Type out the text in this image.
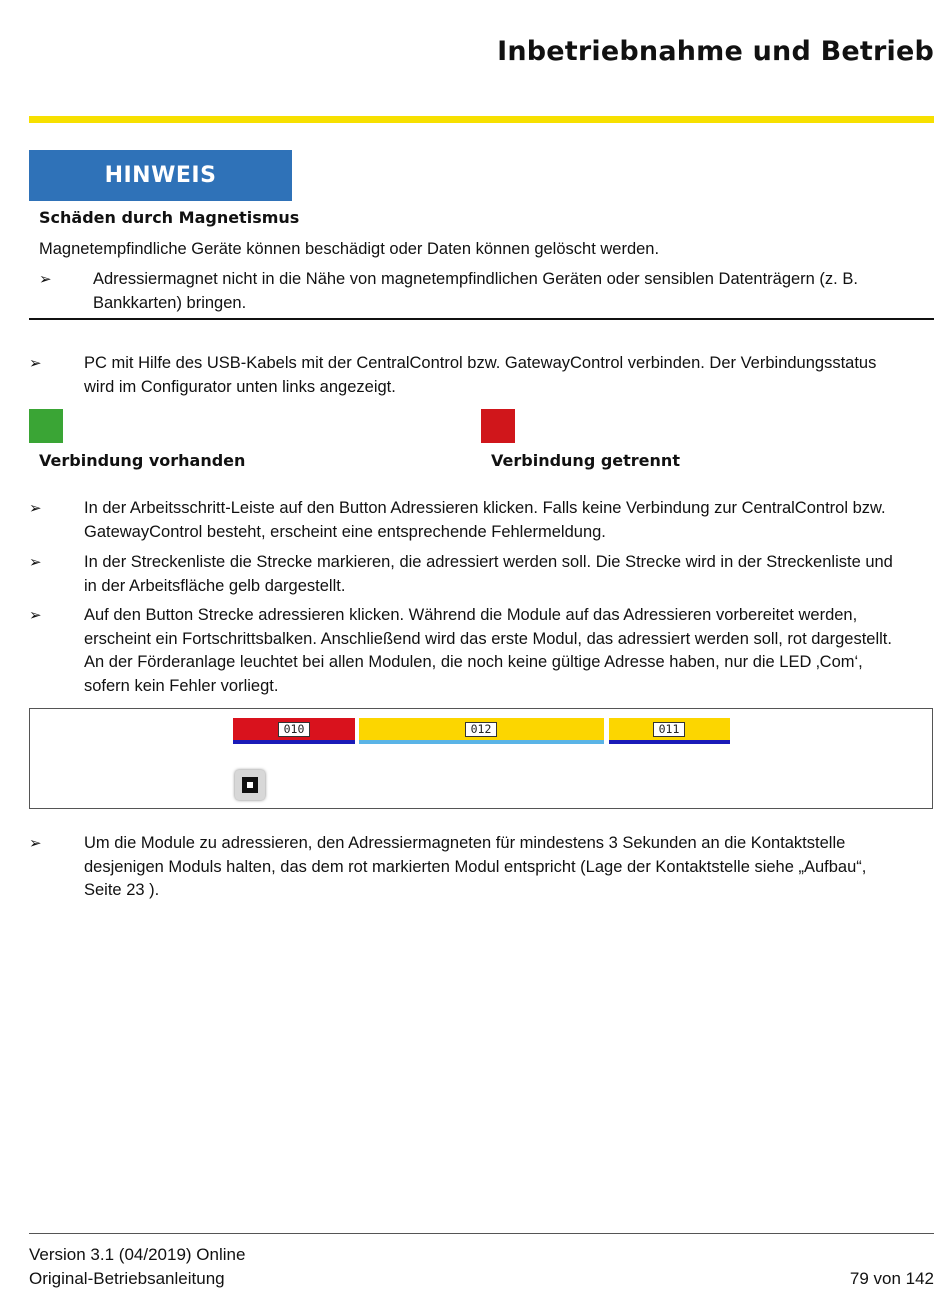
Inbetriebnahme und Betrieb
HINWEIS
Schäden durch Magnetismus
Magnetempfindliche Geräte können beschädigt oder Daten können gelöscht werden.
➢	Adressiermagnet nicht in die Nähe von magnetempfindlichen Geräten oder sensiblen Datenträgern (z. B.
Bankkarten) bringen.
➢	PC mit Hilfe des USB-Kabels mit der CentralControl bzw. GatewayControl verbinden. Der Verbindungsstatus
wird im Configurator unten links angezeigt.
Verbindung vorhanden	Verbindung getrennt
➢	In der Arbeitsschritt-Leiste auf den Button Adressieren klicken. Falls keine Verbindung zur CentralControl bzw.
GatewayControl besteht, erscheint eine entsprechende Fehlermeldung.
➢	In der Streckenliste die Strecke markieren, die adressiert werden soll. Die Strecke wird in der Streckenliste und
in der Arbeitsfläche gelb dargestellt.
➢	Auf den Button Strecke adressieren klicken. Während die Module auf das Adressieren vorbereitet werden,
erscheint ein Fortschrittsbalken. Anschließend wird das erste Modul, das adressiert werden soll, rot dargestellt.
An der Förderanlage leuchtet bei allen Modulen, die noch keine gültige Adresse haben, nur die LED ‚Com‘,
sofern kein Fehler vorliegt.
010	012	011
➢	Um die Module zu adressieren, den Adressiermagneten für mindestens 3 Sekunden an die Kontaktstelle
desjenigen Moduls halten, das dem rot markierten Modul entspricht (Lage der Kontaktstelle siehe „Aufbau“,
Seite 23 ).
Version 3.1 (04/2019) Online
Original-Betriebsanleitung	79 von 142
